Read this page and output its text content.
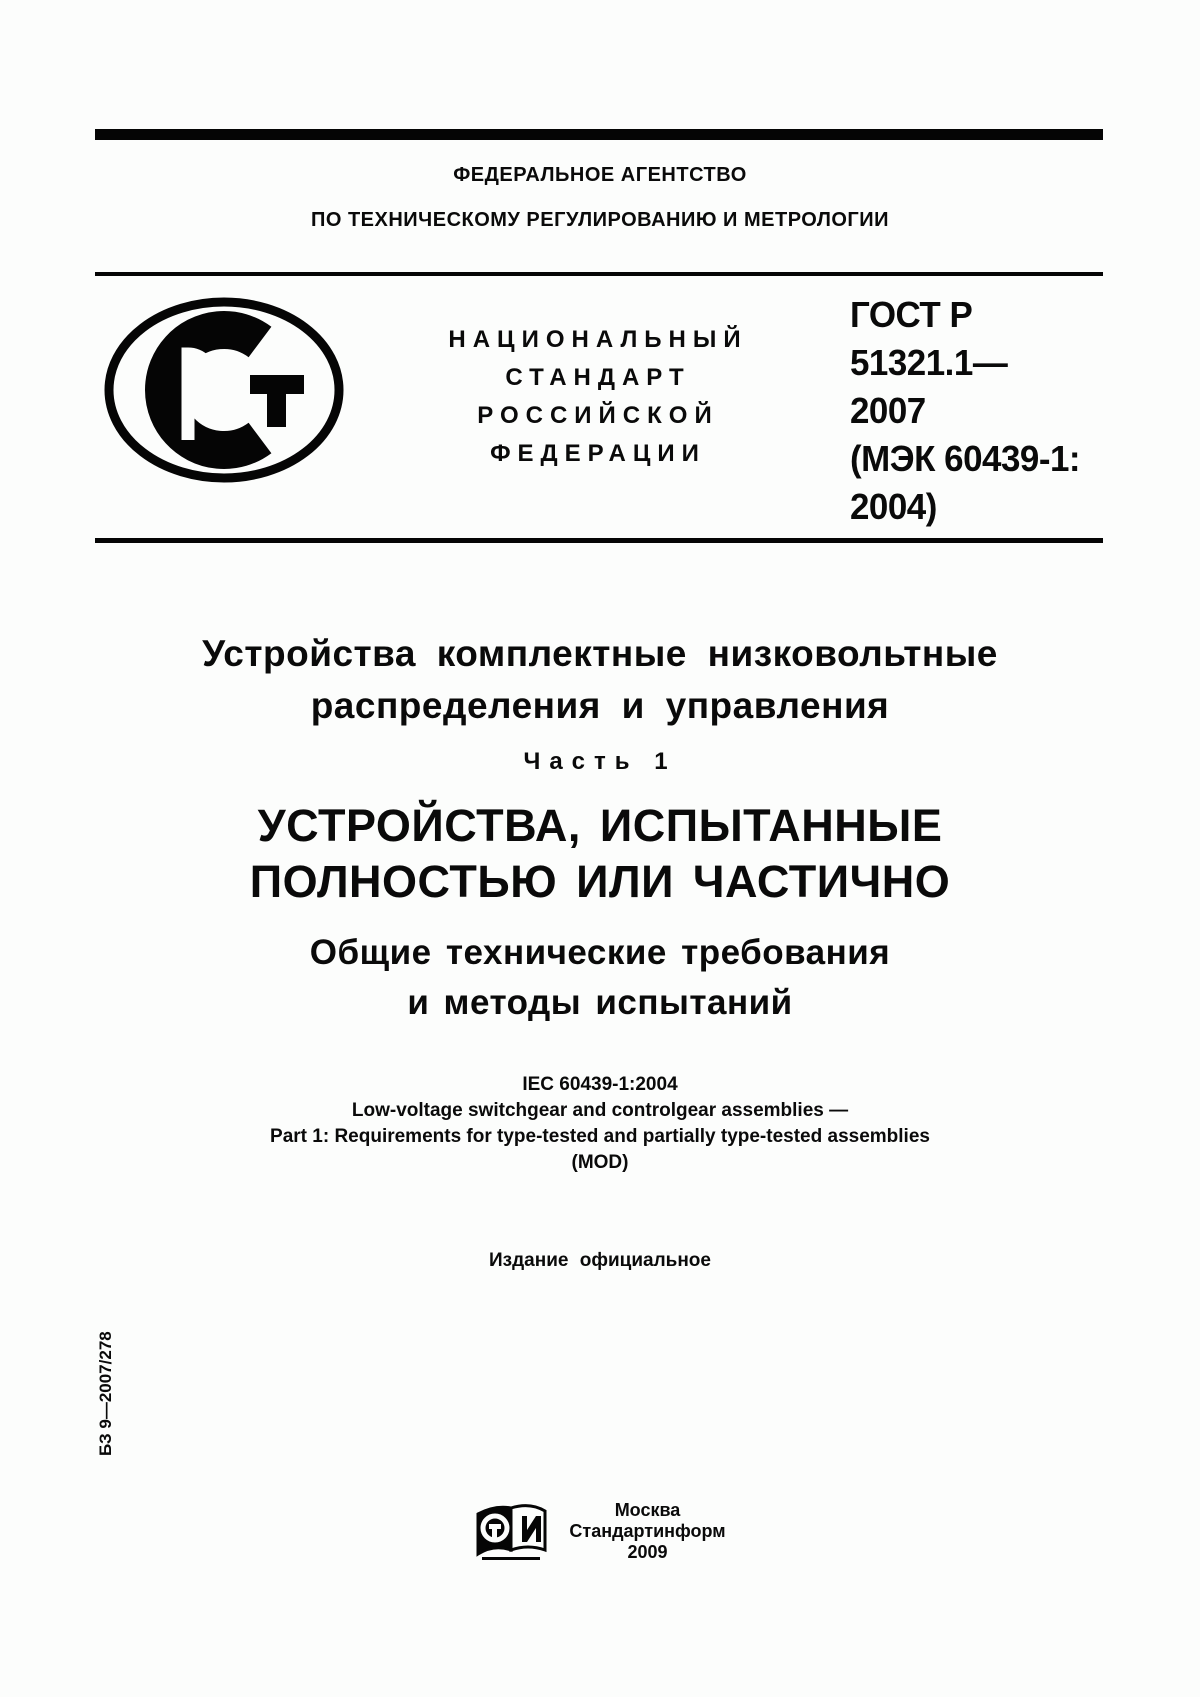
ФЕДЕРАЛЬНОЕ АГЕНТСТВО
ПО ТЕХНИЧЕСКОМУ РЕГУЛИРОВАНИЮ И МЕТРОЛОГИИ
НАЦИОНАЛЬНЫЙ
СТАНДАРТ
РОССИЙСКОЙ
ФЕДЕРАЦИИ
ГОСТ Р
51321.1—
2007
(МЭК 60439-1:
2004)
Устройства комплектные низковольтные
распределения и управления
Часть 1
УСТРОЙСТВА, ИСПЫТАННЫЕ
ПОЛНОСТЬЮ ИЛИ ЧАСТИЧНО
Общие технические требования
и методы испытаний
IEC 60439-1:2004
Low-voltage switchgear and controlgear assemblies —
Part 1: Requirements for type-tested and partially type-tested assemblies
(MOD)
Издание официальное
БЗ 9—2007/278
Москва
Стандартинформ
2009
